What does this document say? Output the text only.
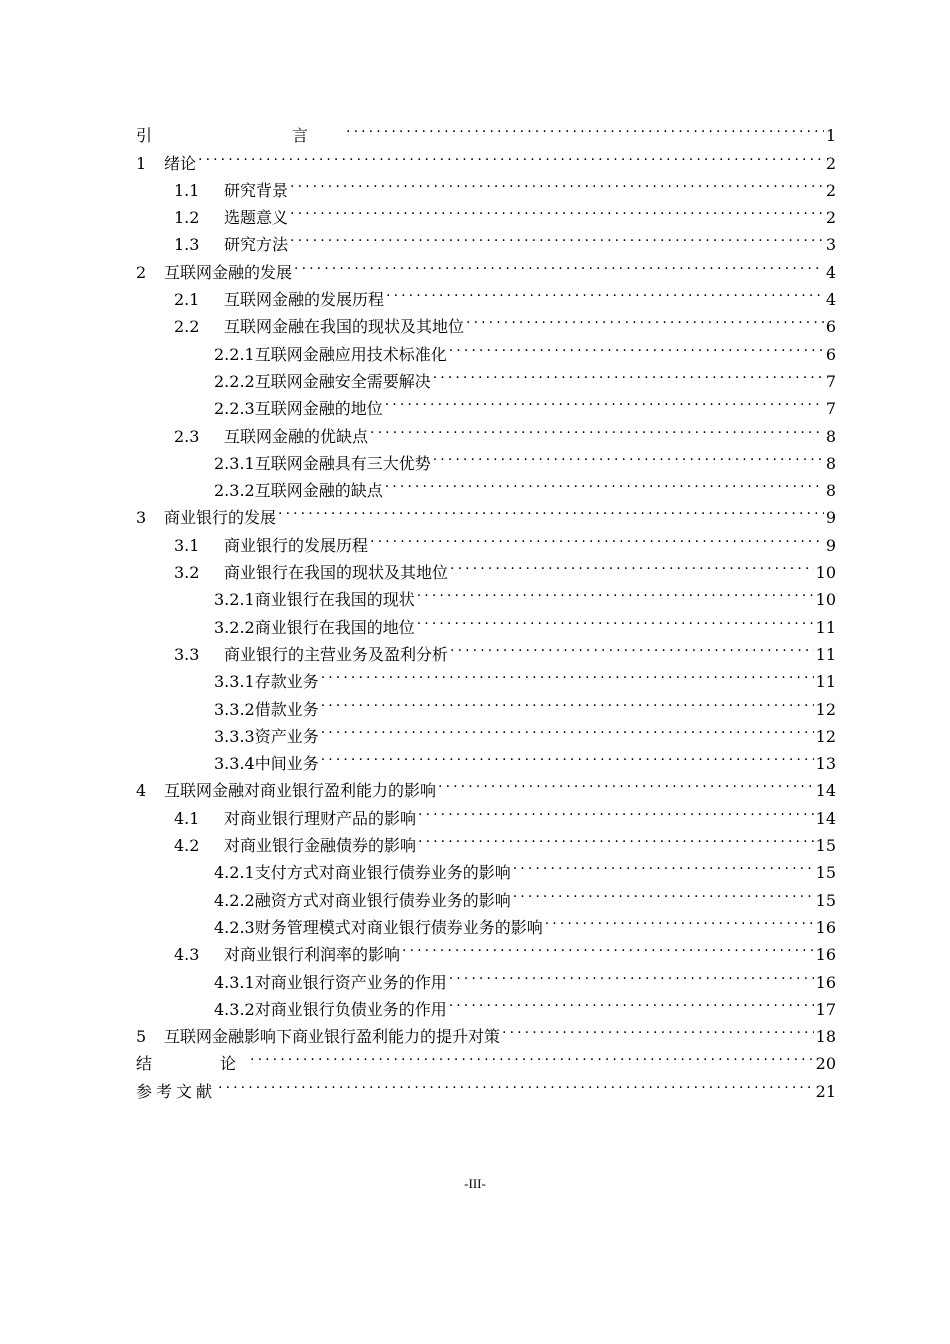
引　　言 .....	1
1	绪论 .....	2
1.1	研究背景 .....	2
1.2	选题意义 .....	2
1.3	研究方法 .....	3
2	互联网金融的发展 .....	4
2.1	互联网金融的发展历程 .....	4
2.2	互联网金融在我国的现状及其地位 .....	6
2.2.1 互联网金融应用技术标准化 .....	6
2.2.2 互联网金融安全需要解决 .....	7
2.2.3 互联网金融的地位 .....	7
2.3	互联网金融的优缺点 .....	8
2.3.1 互联网金融具有三大优势 .....	8
2.3.2 互联网金融的缺点 .....	8
3	商业银行的发展 .....	9
3.1	商业银行的发展历程 .....	9
3.2	商业银行在我国的现状及其地位 .....	10
3.2.1 商业银行在我国的现状 .....	10
3.2.2 商业银行在我国的地位 .....	11
3.3	商业银行的主营业务及盈利分析 .....	11
3.3.1 存款业务 .....	11
3.3.2 借款业务 .....	12
3.3.3 资产业务 .....	12
3.3.4 中间业务 .....	13
4	互联网金融对商业银行盈利能力的影响 .....	14
4.1	对商业银行理财产品的影响 .....	14
4.2	对商业银行金融债券的影响 .....	15
4.2.1 支付方式对商业银行债券业务的影响 .....	15
4.2.2 融资方式对商业银行债券业务的影响 .....	15
4.2.3 财务管理模式对商业银行债券业务的影响 .....	16
4.3	对商业银行利润率的影响 .....	16
4.3.1 对商业银行资产业务的作用 .....	16
4.3.2 对商业银行负债业务的作用 .....	17
5	互联网金融影响下商业银行盈利能力的提升对策 .....	18
结　　论 .....	20
参考文献 .....	21
-III-
